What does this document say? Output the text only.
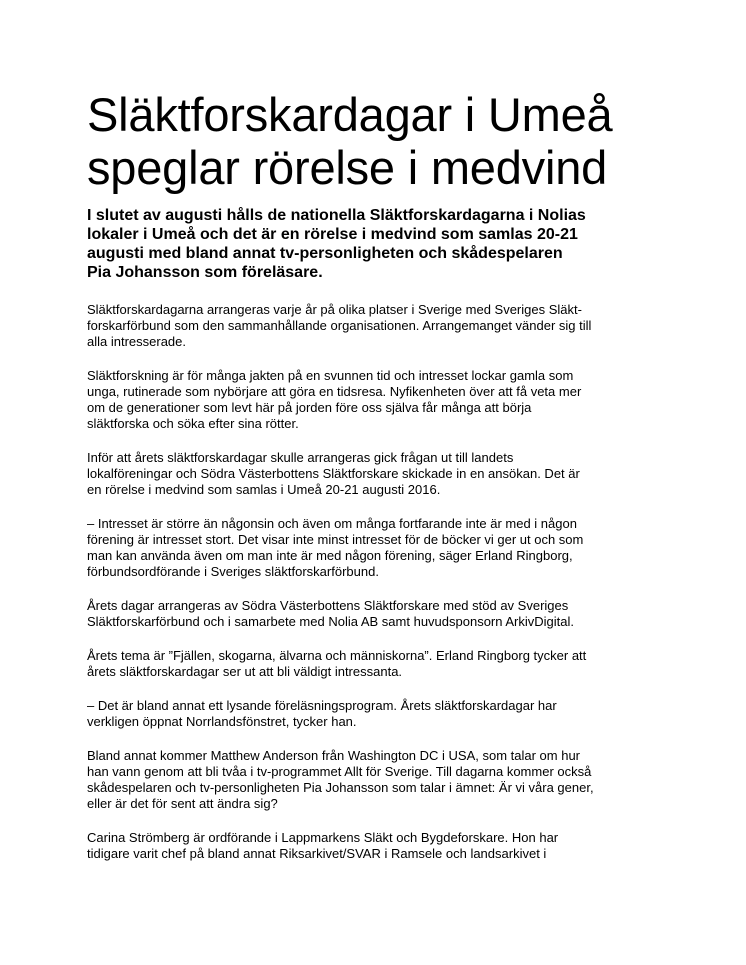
Släktforskardagar i Umeå
speglar rörelse i medvind

I slutet av augusti hålls de nationella Släktforskardagarna i Nolias
lokaler i Umeå och det är en rörelse i medvind som samlas 20-21
augusti med bland annat tv-personligheten och skådespelaren
Pia Johansson som föreläsare.

Släktforskardagarna arrangeras varje år på olika platser i Sverige med Sveriges Släkt-
forskarförbund som den sammanhållande organisationen. Arrangemanget vänder sig till
alla intresserade.

Släktforskning är för många jakten på en svunnen tid och intresset lockar gamla som
unga, rutinerade som nybörjare att göra en tidsresa. Nyfikenheten över att få veta mer
om de generationer som levt här på jorden före oss själva får många att börja
släktforska och söka efter sina rötter.

Inför att årets släktforskardagar skulle arrangeras gick frågan ut till landets
lokalföreningar och Södra Västerbottens Släktforskare skickade in en ansökan. Det är
en rörelse i medvind som samlas i Umeå 20-21 augusti 2016.

– Intresset är större än någonsin och även om många fortfarande inte är med i någon
förening är intresset stort. Det visar inte minst intresset för de böcker vi ger ut och som
man kan använda även om man inte är med någon förening, säger Erland Ringborg,
förbundsordförande i Sveriges släktforskarförbund.

Årets dagar arrangeras av Södra Västerbottens Släktforskare med stöd av Sveriges
Släktforskarförbund och i samarbete med Nolia AB samt huvudsponsorn ArkivDigital.

Årets tema är ”Fjällen, skogarna, älvarna och människorna”. Erland Ringborg tycker att
årets släktforskardagar ser ut att bli väldigt intressanta.

– Det är bland annat ett lysande föreläsningsprogram. Årets släktforskardagar har
verkligen öppnat Norrlandsfönstret, tycker han.

Bland annat kommer Matthew Anderson från Washington DC i USA, som talar om hur
han vann genom att bli tvåa i tv-programmet Allt för Sverige. Till dagarna kommer också
skådespelaren och tv-personligheten Pia Johansson som talar i ämnet: Är vi våra gener,
eller är det för sent att ändra sig?

Carina Strömberg är ordförande i Lappmarkens Släkt och Bygdeforskare. Hon har
tidigare varit chef på bland annat Riksarkivet/SVAR i Ramsele och landsarkivet i
